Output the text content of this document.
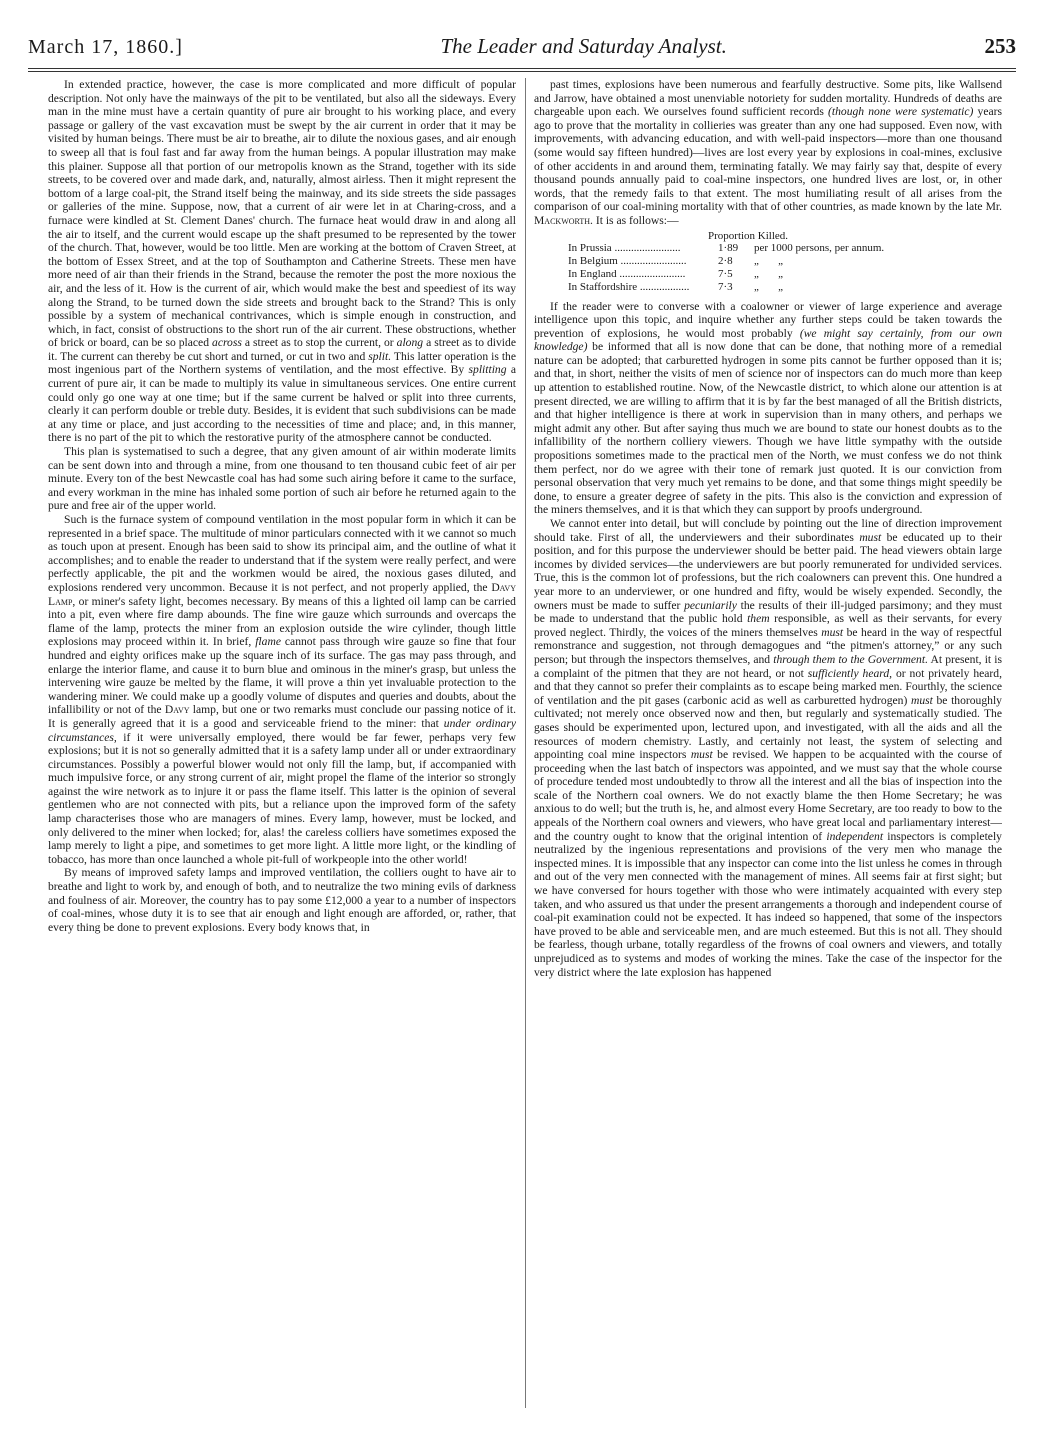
March 17, 1860.]	The Leader and Saturday Analyst.	253

In extended practice, however, the case is more complicated and more difficult of popular description. Not only have the mainways of the pit to be ventilated, but also all the sideways. Every man in the mine must have a certain quantity of pure air brought to his working place, and every passage or gallery of the vast excavation must be swept by the air current in order that it may be visited by human beings. There must be air to breathe, air to dilute the noxious gases, and air enough to sweep all that is foul fast and far away from the human beings. A popular illustration may make this plainer. Suppose all that portion of our metropolis known as the Strand, together with its side streets, to be covered over and made dark, and, naturally, almost airless. Then it might represent the bottom of a large coal-pit, the Strand itself being the mainway, and its side streets the side passages or galleries of the mine. Suppose, now, that a current of air were let in at Charing-cross, and a furnace were kindled at St. Clement Danes' church. The furnace heat would draw in and along all the air to itself, and the current would escape up the shaft presumed to be represented by the tower of the church. That, however, would be too little. Men are working at the bottom of Craven Street, at the bottom of Essex Street, and at the top of Southampton and Catherine Streets. These men have more need of air than their friends in the Strand, because the remoter the post the more noxious the air, and the less of it. How is the current of air, which would make the best and speediest of its way along the Strand, to be turned down the side streets and brought back to the Strand? This is only possible by a system of mechanical contrivances, which is simple enough in construction, and which, in fact, consist of obstructions to the short run of the air current. These obstructions, whether of brick or board, can be so placed across a street as to stop the current, or along a street as to divide it. The current can thereby be cut short and turned, or cut in two and split. This latter operation is the most ingenious part of the Northern systems of ventilation, and the most effective. By splitting a current of pure air, it can be made to multiply its value in simultaneous services. One entire current could only go one way at one time; but if the same current be halved or split into three currents, clearly it can perform double or treble duty. Besides, it is evident that such subdivisions can be made at any time or place, and just according to the necessities of time and place; and, in this manner, there is no part of the pit to which the restorative purity of the atmosphere cannot be conducted.

This plan is systematised to such a degree, that any given amount of air within moderate limits can be sent down into and through a mine, from one thousand to ten thousand cubic feet of air per minute. Every ton of the best Newcastle coal has had some such airing before it came to the surface, and every workman in the mine has inhaled some portion of such air before he returned again to the pure and free air of the upper world.

Such is the furnace system of compound ventilation in the most popular form in which it can be represented in a brief space. The multitude of minor particulars connected with it we cannot so much as touch upon at present. Enough has been said to show its principal aim, and the outline of what it accomplishes; and to enable the reader to understand that if the system were really perfect, and were perfectly applicable, the pit and the workmen would be aired, the noxious gases diluted, and explosions rendered very uncommon. Because it is not perfect, and not properly applied, the Davy Lamp, or miner's safety light, becomes necessary. By means of this a lighted oil lamp can be carried into a pit, even where fire damp abounds. The fine wire gauze which surrounds and overcaps the flame of the lamp, protects the miner from an explosion outside the wire cylinder, though little explosions may proceed within it. In brief, flame cannot pass through wire gauze so fine that four hundred and eighty orifices make up the square inch of its surface. The gas may pass through, and enlarge the interior flame, and cause it to burn blue and ominous in the miner's grasp, but unless the intervening wire gauze be melted by the flame, it will prove a thin yet invaluable protection to the wandering miner. We could make up a goodly volume of disputes and queries and doubts, about the infallibility or not of the Davy lamp, but one or two remarks must conclude our passing notice of it. It is generally agreed that it is a good and serviceable friend to the miner: that under ordinary circumstances, if it were universally employed, there would be far fewer, perhaps very few explosions; but it is not so generally admitted that it is a safety lamp under all or under extraordinary circumstances. Possibly a powerful blower would not only fill the lamp, but, if accompanied with much impulsive force, or any strong current of air, might propel the flame of the interior so strongly against the wire network as to injure it or pass the flame itself. This latter is the opinion of several gentlemen who are not connected with pits, but a reliance upon the improved form of the safety lamp characterises those who are managers of mines. Every lamp, however, must be locked, and only delivered to the miner when locked; for, alas! the careless colliers have sometimes exposed the lamp merely to light a pipe, and sometimes to get more light. A little more light, or the kindling of tobacco, has more than once launched a whole pit-full of workpeople into the other world!

By means of improved safety lamps and improved ventilation, the colliers ought to have air to breathe and light to work by, and enough of both, and to neutralize the two mining evils of darkness and foulness of air. Moreover, the country has to pay some £12,000 a year to a number of inspectors of coal-mines, whose duty it is to see that air enough and light enough are afforded, or, rather, that every thing be done to prevent explosions. Every body knows that, in

past times, explosions have been numerous and fearfully destructive. Some pits, like Wallsend and Jarrow, have obtained a most unenviable notoriety for sudden mortality. Hundreds of deaths are chargeable upon each. We ourselves found sufficient records (though none were systematic) years ago to prove that the mortality in collieries was greater than any one had supposed. Even now, with improvements, with advancing education, and with well-paid inspectors—more than one thousand (some would say fifteen hundred)—lives are lost every year by explosions in coal-mines, exclusive of other accidents in and around them, terminating fatally. We may fairly say that, despite of every thousand pounds annually paid to coal-mine inspectors, one hundred lives are lost, or, in other words, that the remedy fails to that extent. The most humiliating result of all arises from the comparison of our coal-mining mortality with that of other countries, as made known by the late Mr. Mackworth. It is as follows:—

Proportion Killed.
In Prussia ........................	1·89	per 1000 persons, per annum.
In Belgium ........................	2·8	„       „
In England ........................	7·5	„       „
In Staffordshire ..................	7·3	„       „

If the reader were to converse with a coalowner or viewer of large experience and average intelligence upon this topic, and inquire whether any further steps could be taken towards the prevention of explosions, he would most probably (we might say certainly, from our own knowledge) be informed that all is now done that can be done, that nothing more of a remedial nature can be adopted; that carburetted hydrogen in some pits cannot be further opposed than it is; and that, in short, neither the visits of men of science nor of inspectors can do much more than keep up attention to established routine. Now, of the Newcastle district, to which alone our attention is at present directed, we are willing to affirm that it is by far the best managed of all the British districts, and that higher intelligence is there at work in supervision than in many others, and perhaps we might admit any other. But after saying thus much we are bound to state our honest doubts as to the infallibility of the northern colliery viewers. Though we have little sympathy with the outside propositions sometimes made to the practical men of the North, we must confess we do not think them perfect, nor do we agree with their tone of remark just quoted. It is our conviction from personal observation that very much yet remains to be done, and that some things might speedily be done, to ensure a greater degree of safety in the pits. This also is the conviction and expression of the miners themselves, and it is that which they can support by proofs underground.

We cannot enter into detail, but will conclude by pointing out the line of direction improvement should take. First of all, the underviewers and their subordinates must be educated up to their position, and for this purpose the underviewer should be better paid. The head viewers obtain large incomes by divided services—the underviewers are but poorly remunerated for undivided services. True, this is the common lot of professions, but the rich coalowners can prevent this. One hundred a year more to an underviewer, or one hundred and fifty, would be wisely expended. Secondly, the owners must be made to suffer pecuniarily the results of their ill-judged parsimony; and they must be made to understand that the public hold them responsible, as well as their servants, for every proved neglect. Thirdly, the voices of the miners themselves must be heard in the way of respectful remonstrance and suggestion, not through demagogues and “the pitmen's attorney,” or any such person; but through the inspectors themselves, and through them to the Government. At present, it is a complaint of the pitmen that they are not heard, or not sufficiently heard, or not privately heard, and that they cannot so prefer their complaints as to escape being marked men. Fourthly, the science of ventilation and the pit gases (carbonic acid as well as carburetted hydrogen) must be thoroughly cultivated; not merely once observed now and then, but regularly and systematically studied. The gases should be experimented upon, lectured upon, and investigated, with all the aids and all the resources of modern chemistry. Lastly, and certainly not least, the system of selecting and appointing coal mine inspectors must be revised. We happen to be acquainted with the course of proceeding when the last batch of inspectors was appointed, and we must say that the whole course of procedure tended most undoubtedly to throw all the interest and all the bias of inspection into the scale of the Northern coal owners. We do not exactly blame the then Home Secretary; he was anxious to do well; but the truth is, he, and almost every Home Secretary, are too ready to bow to the appeals of the Northern coal owners and viewers, who have great local and parliamentary interest—and the country ought to know that the original intention of independent inspectors is completely neutralized by the ingenious representations and provisions of the very men who manage the inspected mines. It is impossible that any inspector can come into the list unless he comes in through and out of the very men connected with the management of mines. All seems fair at first sight; but we have conversed for hours together with those who were intimately acquainted with every step taken, and who assured us that under the present arrangements a thorough and independent course of coal-pit examination could not be expected. It has indeed so happened, that some of the inspectors have proved to be able and serviceable men, and are much esteemed. But this is not all. They should be fearless, though urbane, totally regardless of the frowns of coal owners and viewers, and totally unprejudiced as to systems and modes of working the mines. Take the case of the inspector for the very district where the late explosion has happened
